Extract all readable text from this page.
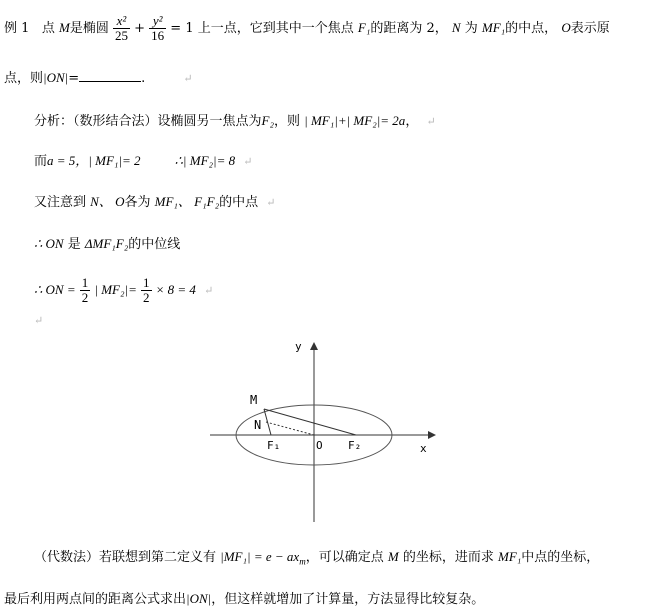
例 1 点 M是椭圆 $\frac{\text{x²}}{25} + \frac{\text{y²}}{16} = 1$ 上一点，它到其中一个焦点 F₁的距离为 2， N 为 MF₁的中点， O表示原
点，则|ON|=	.	↵
分析：（数形结合法）设椭圆另一焦点为F₂，则 | MF₁|+| MF₂|= 2a， ↵
而a = 5，| MF₁|= 2	∴| MF₂|= 8 ↵
又注意到 N、 O各为 MF₁、 F₁F₂的中点 ↵
∴ ON 是 ΔMF₁F₂的中位线
∴ ON = $\frac{1}{2}$ | $MF_2|= \frac{1}{2} \times 8 = 4$ ↵
↵
y
x
M
N
F₁	O F₂
（代数法）若联想到第二定义有 $|MF_1| = e - ax_m$，可以确定点 M 的坐标，进而求 MF₁中点的坐标，
最后利用两点间的距离公式求出|ON|，但这样就增加了计算量，方法显得比较复杂。
